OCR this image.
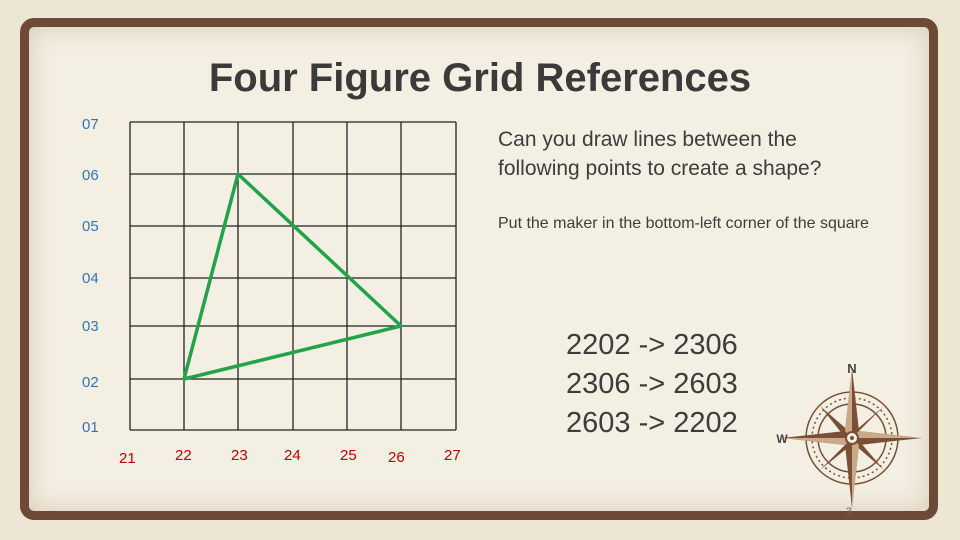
Four Figure Grid References
07
06
05
04
03
02
01
21	22	23 24	25 26	27
Can you draw lines between the following points to create a shape?
Put the maker in the bottom-left corner of the square
2202 -> 2306
2306 -> 2603
2603 -> 2202
N
W
3
